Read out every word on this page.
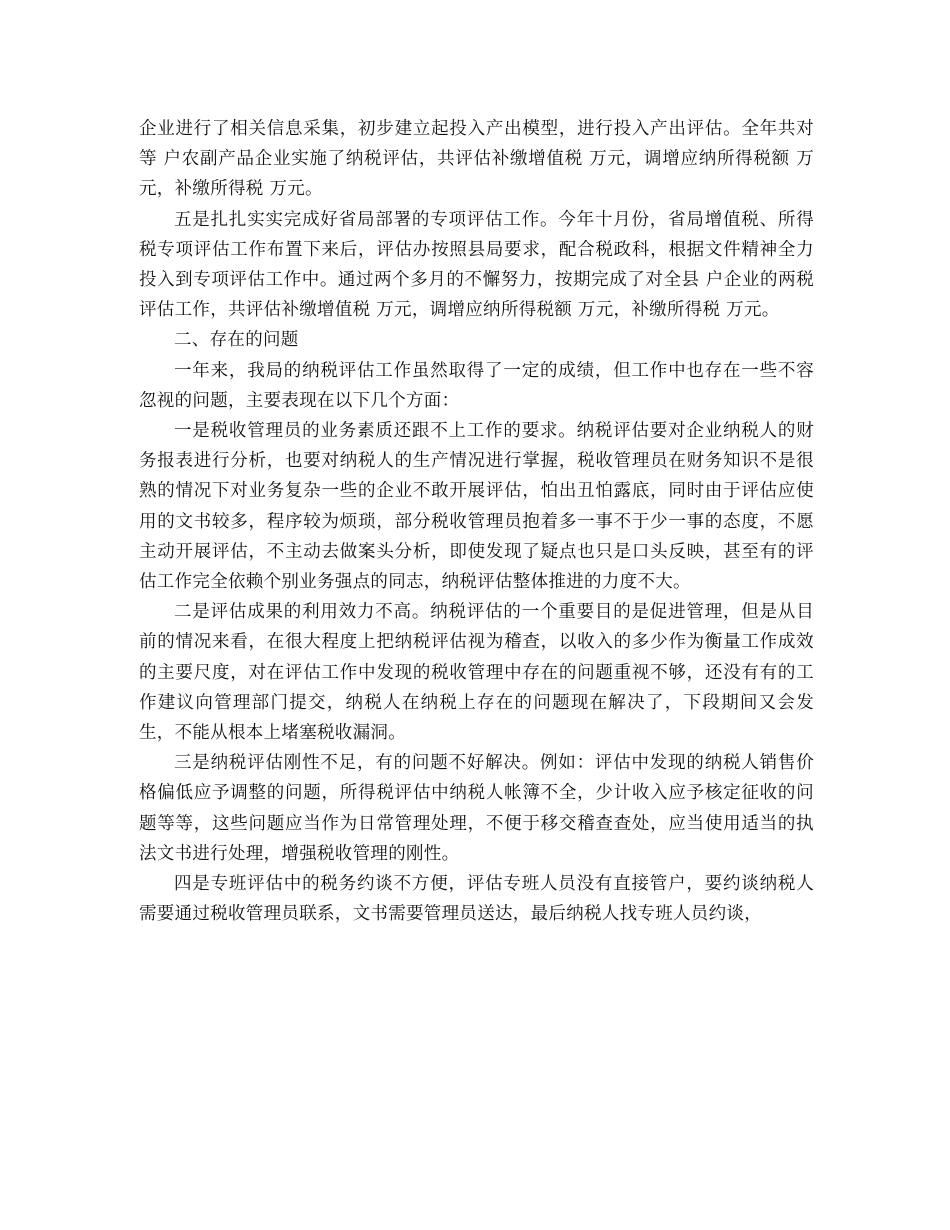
企业进行了相关信息采集，初步建立起投入产出模型，进行投入产出评估。全年共对 等 户农副产品企业实施了纳税评估，共评估补缴增值税 万元，调增应纳所得税额 万元，补缴所得税 万元。

五是扎扎实实完成好省局部署的专项评估工作。今年十月份，省局增值税、所得税专项评估工作布置下来后，评估办按照县局要求，配合税政科，根据文件精神全力投入到专项评估工作中。通过两个多月的不懈努力，按期完成了对全县 户企业的两税评估工作，共评估补缴增值税 万元，调增应纳所得税额 万元，补缴所得税 万元。

二、存在的问题

一年来，我局的纳税评估工作虽然取得了一定的成绩，但工作中也存在一些不容忽视的问题，主要表现在以下几个方面：

一是税收管理员的业务素质还跟不上工作的要求。纳税评估要对企业纳税人的财务报表进行分析，也要对纳税人的生产情况进行掌握，税收管理员在财务知识不是很熟的情况下对业务复杂一些的企业不敢开展评估，怕出丑怕露底，同时由于评估应使用的文书较多，程序较为烦琐，部分税收管理员抱着多一事不于少一事的态度，不愿主动开展评估，不主动去做案头分析，即使发现了疑点也只是口头反映，甚至有的评估工作完全依赖个别业务强点的同志，纳税评估整体推进的力度不大。

二是评估成果的利用效力不高。纳税评估的一个重要目的是促进管理，但是从目前的情况来看，在很大程度上把纳税评估视为稽查，以收入的多少作为衡量工作成效的主要尺度，对在评估工作中发现的税收管理中存在的问题重视不够，还没有有的工作建议向管理部门提交，纳税人在纳税上存在的问题现在解决了，下段期间又会发生，不能从根本上堵塞税收漏洞。

三是纳税评估刚性不足，有的问题不好解决。例如：评估中发现的纳税人销售价格偏低应予调整的问题，所得税评估中纳税人帐簿不全，少计收入应予核定征收的问题等等，这些问题应当作为日常管理处理，不便于移交稽查查处，应当使用适当的执法文书进行处理，增强税收管理的刚性。

四是专班评估中的税务约谈不方便，评估专班人员没有直接管户，要约谈纳税人需要通过税收管理员联系，文书需要管理员送达，最后纳税人找专班人员约谈，
